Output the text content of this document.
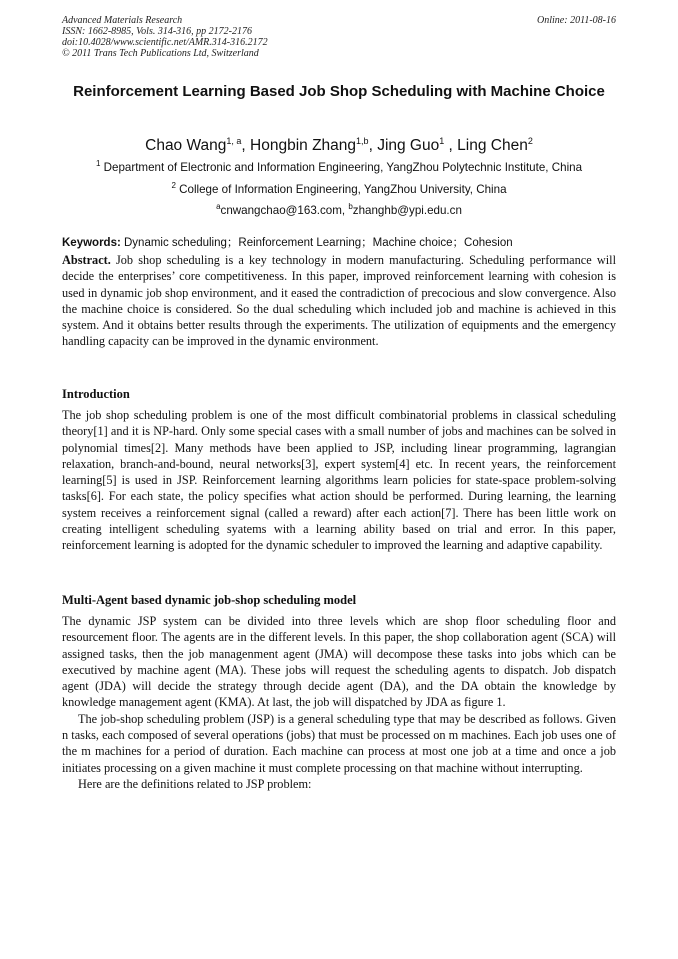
Advanced Materials Research
ISSN: 1662-8985, Vols. 314-316, pp 2172-2176
doi:10.4028/www.scientific.net/AMR.314-316.2172
© 2011 Trans Tech Publications Ltd, Switzerland
Online: 2011-08-16
Reinforcement Learning Based Job Shop Scheduling with Machine Choice
Chao Wang$^{1, a}$, Hongbin Zhang$^{1,b}$, Jing Guo$^1$ , Ling Chen$^2$
$^1$ Department of Electronic and Information Engineering, YangZhou Polytechnic Institute, China
$^2$ College of Information Engineering, YangZhou University, China
$^a$cnwangchao@163.com, $^b$zhanghb@ypi.edu.cn
Keywords: Dynamic scheduling；Reinforcement Learning；Machine choice；Cohesion

Abstract. Job shop scheduling is a key technology in modern manufacturing. Scheduling performance will decide the enterprises’ core competitiveness. In this paper, improved reinforcement learning with cohesion is used in dynamic job shop environment, and it eased the contradiction of precocious and slow convergence. Also the machine choice is considered. So the dual scheduling which included job and machine is achieved in this system. And it obtains better results through the experiments. The utilization of equipments and the emergency handling capacity can be improved in the dynamic environment.

Introduction

The job shop scheduling problem is one of the most difficult combinatorial problems in classical scheduling theory[1] and it is NP-hard. Only some special cases with a small number of jobs and machines can be solved in polynomial times[2]. Many methods have been applied to JSP, including linear programming, lagrangian relaxation, branch-and-bound, neural networks[3], expert system[4] etc. In recent years, the reinforcement learning[5] is used in JSP. Reinforcement learning algorithms learn policies for state-space problem-solving tasks[6]. For each state, the policy specifies what action should be performed. During learning, the learning system receives a reinforcement signal (called a reward) after each action[7]. There has been little work on creating intelligent scheduling syatems with a learning ability based on trial and error. In this paper, reinforcement learning is adopted for the dynamic scheduler to improved the learning and adaptive capability.

Multi-Agent based dynamic job-shop scheduling model

The dynamic JSP system can be divided into three levels which are shop floor scheduling floor and resourcement floor. The agents are in the different levels. In this paper, the shop collaboration agent (SCA) will assigned tasks, then the job managenment agent (JMA) will decompose these tasks into jobs which can be executived by machine agent (MA). These jobs will request the scheduling agents to dispatch. Job dispatch agent (JDA) will decide the strategy through decide agent (DA), and the DA obtain the knowledge by knowledge management agent (KMA). At last, the job will dispatched by JDA as figure 1.

The job-shop scheduling problem (JSP) is a general scheduling type that may be described as follows. Given n tasks, each composed of several operations (jobs) that must be processed on m machines. Each job uses one of the m machines for a period of duration. Each machine can process at most one job at a time and once a job initiates processing on a given machine it must complete processing on that machine without interrupting.

Here are the definitions related to JSP problem:
